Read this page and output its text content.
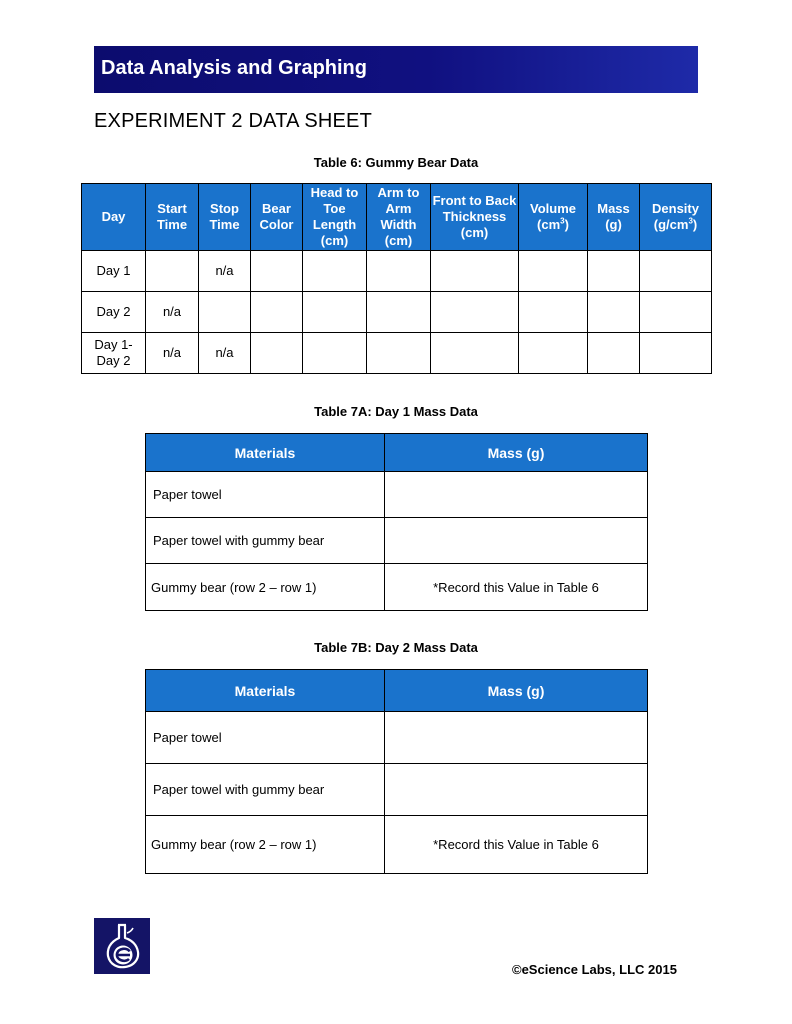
Data Analysis and Graphing
EXPERIMENT 2 DATA SHEET
Table 6: Gummy Bear Data
Day	Start Time	Stop Time	Bear Color	Head to Toe Length (cm)	Arm to Arm Width (cm)	Front to Back Thickness (cm)	Volume $(cm^3)$	Mass (g)	Density $(g/cm^3)$
Day 1		n/a							
Day 2	n/a								
Day 1- Day 2	n/a	n/a							
Table 7A: Day 1 Mass Data
Materials	Mass (g)
Paper towel	
Paper towel with gummy bear	
Gummy bear (row 2 – row 1)	*Record this Value in Table 6
Table 7B: Day 2 Mass Data
Materials	Mass (g)
Paper towel	
Paper towel with gummy bear	
Gummy bear (row 2 – row 1)	*Record this Value in Table 6
©eScience Labs, LLC 2015
